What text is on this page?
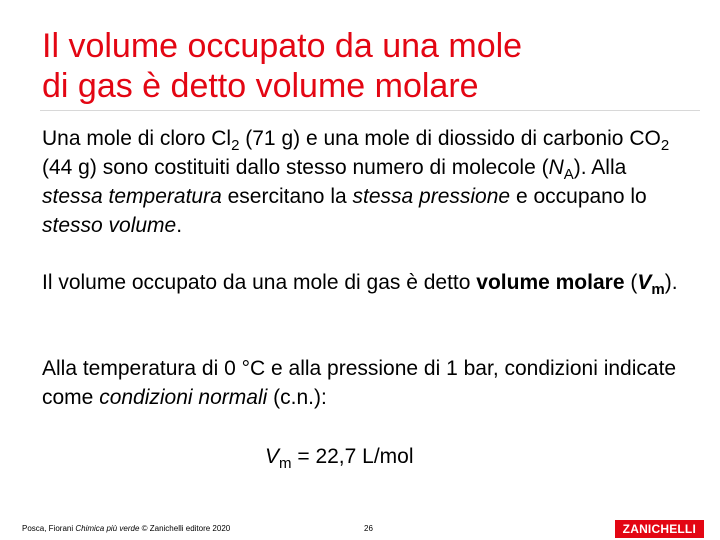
Il volume occupato da una mole
di gas è detto volume molare

Una mole di cloro $Cl_2$ (71 g) e una mole di diossido di carbonio $CO_2$ (44 g) sono costituiti dallo stesso numero di molecole $(N_A)$. Alla stessa temperatura esercitano la stessa pressione e occupano lo stesso volume.

Il volume occupato da una mole di gas è detto volume molare $(V_m)$.

Alla temperatura di 0 °C e alla pressione di 1 bar, condizioni indicate come condizioni normali (c.n.):

$V_m = 22,7$ L/mol
Posca, Fiorani Chimica più verde © Zanichelli editore 2020	26	ZANICHELLI
